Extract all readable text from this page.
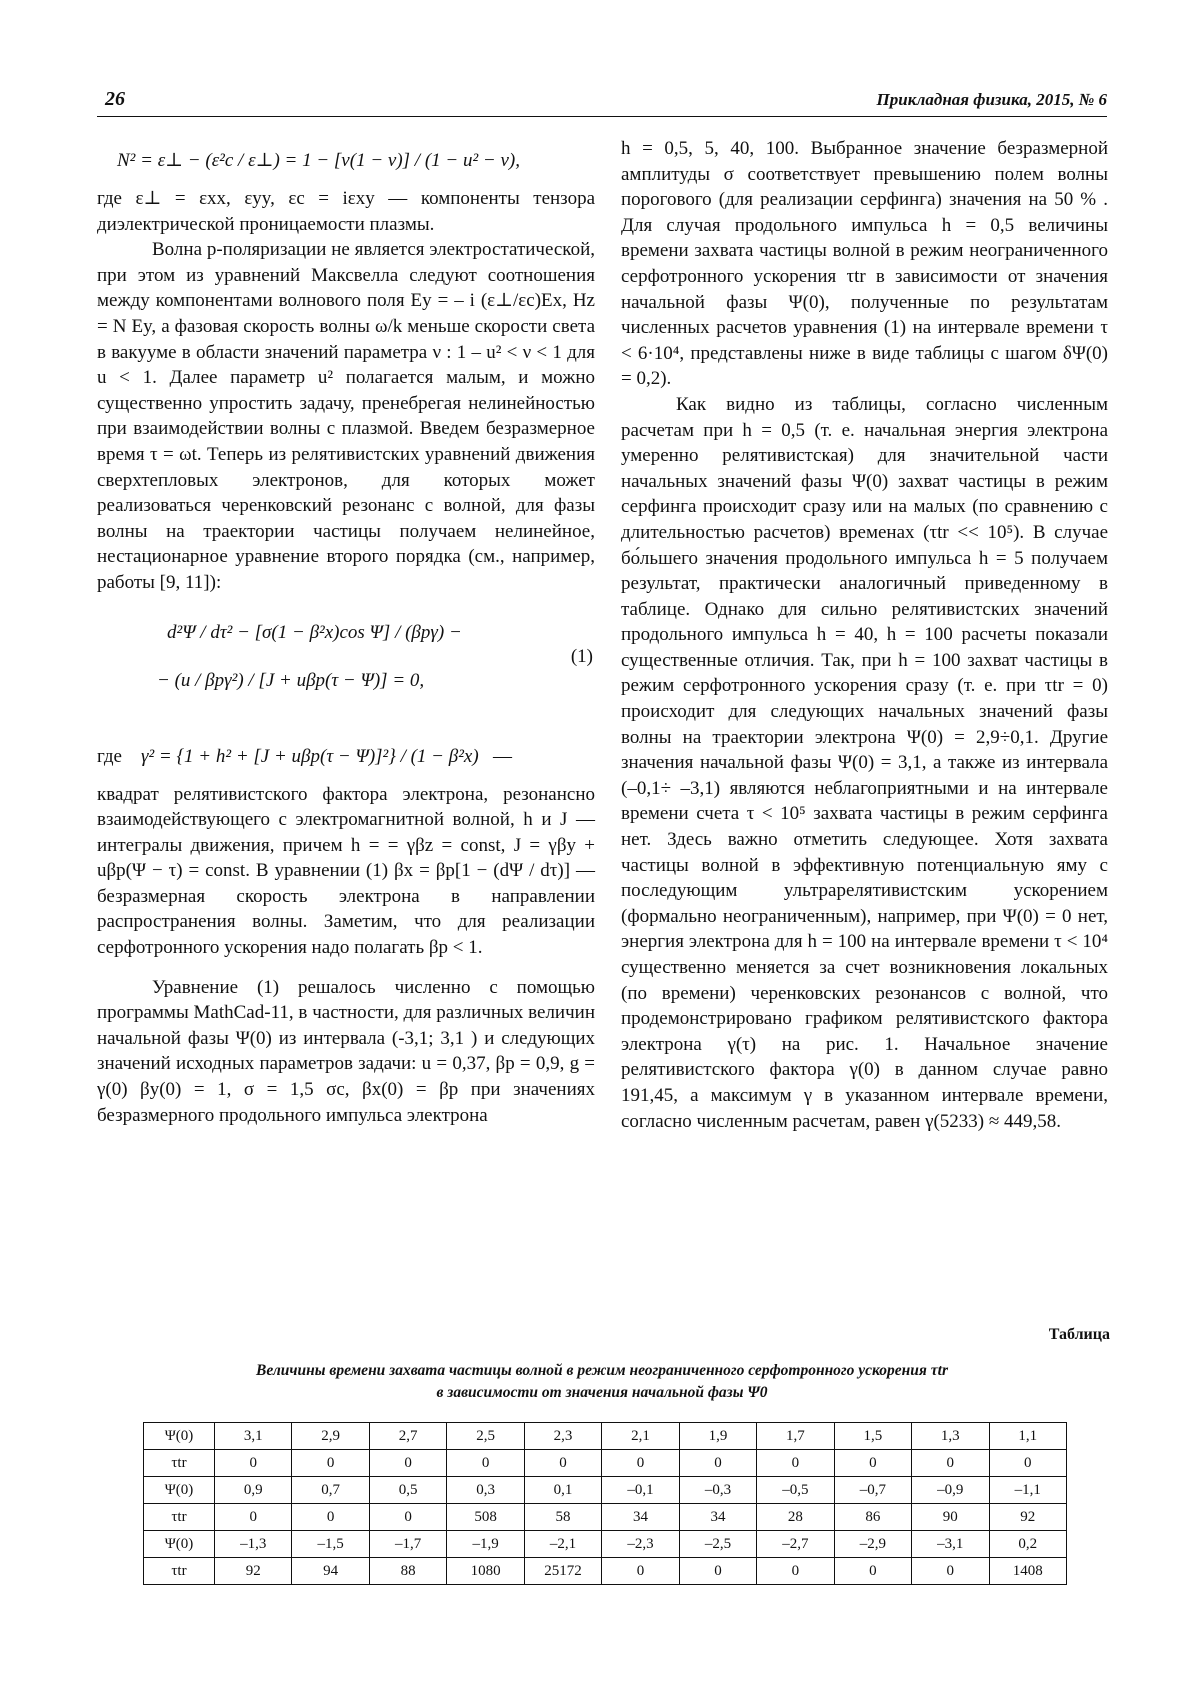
26	Прикладная физика, 2015, № 6
N² = ε⊥ − (ε²c / ε⊥) = 1 − [ν(1 − ν)] / (1 − u² − ν),

где ε⊥ = εxx, εyy, εc = iεxy — компоненты тензора диэлектрической проницаемости плазмы.

Волна p-поляризации не является электростатической, при этом из уравнений Максвелла следуют соотношения между компонентами волнового поля Ey = – i (ε⊥/εc)Ex, Hz = N Ey, а фазовая скорость волны ω/k меньше скорости света в вакууме в области значений параметра ν : 1 – u² < ν < 1 для u < 1. Далее параметр u² полагается малым, и можно существенно упростить задачу, пренебрегая нелинейностью при взаимодействии волны с плазмой. Введем безразмерное время τ = ωt. Теперь из релятивистских уравнений движения сверхтепловых электронов, для которых может реализоваться черенковский резонанс с волной, для фазы волны на траектории частицы получаем нелинейное, нестационарное уравнение второго порядка (см., например, работы [9, 11]):

d²Ψ / dτ² − [σ(1 − β²x)cos Ψ] / (βpγ) −
− (u / βpγ²) / [J + uβp(τ − Ψ)] = 0,
(1)
где γ² = {1 + h² + [J + uβp(τ − Ψ)]²} / (1 − β²x) —

квадрат релятивистского фактора электрона, резонансно взаимодействующего с электромагнитной волной, h и J — интегралы движения, причем h = = γβz = const, J = γβy + uβp(Ψ − τ) = const. В уравнении (1) βx = βp[1 − (dΨ / dτ)] — безразмерная скорость электрона в направлении распространения волны. Заметим, что для реализации серфотронного ускорения надо полагать βp < 1.

Уравнение (1) решалось численно с помощью программы MathCad-11, в частности, для различных величин начальной фазы Ψ(0) из интервала (-3,1; 3,1 ) и следующих значений исходных параметров задачи: u = 0,37, βp = 0,9, g = γ(0) βy(0) = 1, σ = 1,5 σc, βx(0) = βp при значениях безразмерного продольного импульса электрона

h = 0,5, 5, 40, 100. Выбранное значение безразмерной амплитуды σ соответствует превышению полем волны порогового (для реализации серфинга) значения на 50 % . Для случая продольного импульса h = 0,5 величины времени захвата частицы волной в режим неограниченного серфотронного ускорения τtr в зависимости от значения начальной фазы Ψ(0), полученные по результатам численных расчетов уравнения (1) на интервале времени τ < 6·10⁴, представлены ниже в виде таблицы с шагом δΨ(0) = 0,2).

Как видно из таблицы, согласно численным расчетам при h = 0,5 (т. е. начальная энергия электрона умеренно релятивистская) для значительной части начальных значений фазы Ψ(0) захват частицы в режим серфинга происходит сразу или на малых (по сравнению с длительностью расчетов) временах (τtr << 10⁵). В случае бо́льшего значения продольного импульса h = 5 получаем результат, практически аналогичный приведенному в таблице. Однако для сильно релятивистских значений продольного импульса h = 40, h = 100 расчеты показали существенные отличия. Так, при h = 100 захват частицы в режим серфотронного ускорения сразу (т. е. при τtr = 0) происходит для следующих начальных значений фазы волны на траектории электрона Ψ(0) = 2,9÷0,1. Другие значения начальной фазы Ψ(0) = 3,1, а также из интервала (–0,1÷ –3,1) являются неблагоприятными и на интервале времени счета τ < 10⁵ захвата частицы в режим серфинга нет. Здесь важно отметить следующее. Хотя захвата частицы волной в эффективную потенциальную яму с последующим ультрарелятивистским ускорением (формально неограниченным), например, при Ψ(0) = 0 нет, энергия электрона для h = 100 на интервале времени τ < 10⁴ существенно меняется за счет возникновения локальных (по времени) черенковских резонансов с волной, что продемонстрировано графиком релятивистского фактора электрона γ(τ) на рис. 1. Начальное значение релятивистского фактора γ(0) в данном случае равно 191,45, а максимум γ в указанном интервале времени, согласно численным расчетам, равен γ(5233) ≈ 449,58.

Таблица
Величины времени захвата частицы волной в режим неограниченного серфотронного ускорения τtr
в зависимости от значения начальной фазы Ψ0
Ψ(0)	3,1	2,9	2,7	2,5	2,3	2,1	1,9	1,7	1,5	1,3	1,1
τtr	0	0	0	0	0	0	0	0	0	0	0
Ψ(0)	0,9	0,7	0,5	0,3	0,1	–0,1	–0,3	–0,5	–0,7	–0,9	–1,1
τtr	0	0	0	508	58	34	34	28	86	90	92
Ψ(0)	–1,3	–1,5	–1,7	–1,9	–2,1	–2,3	–2,5	–2,7	–2,9	–3,1	0,2
τtr	92	94	88	1080	25172	0	0	0	0	0	1408
